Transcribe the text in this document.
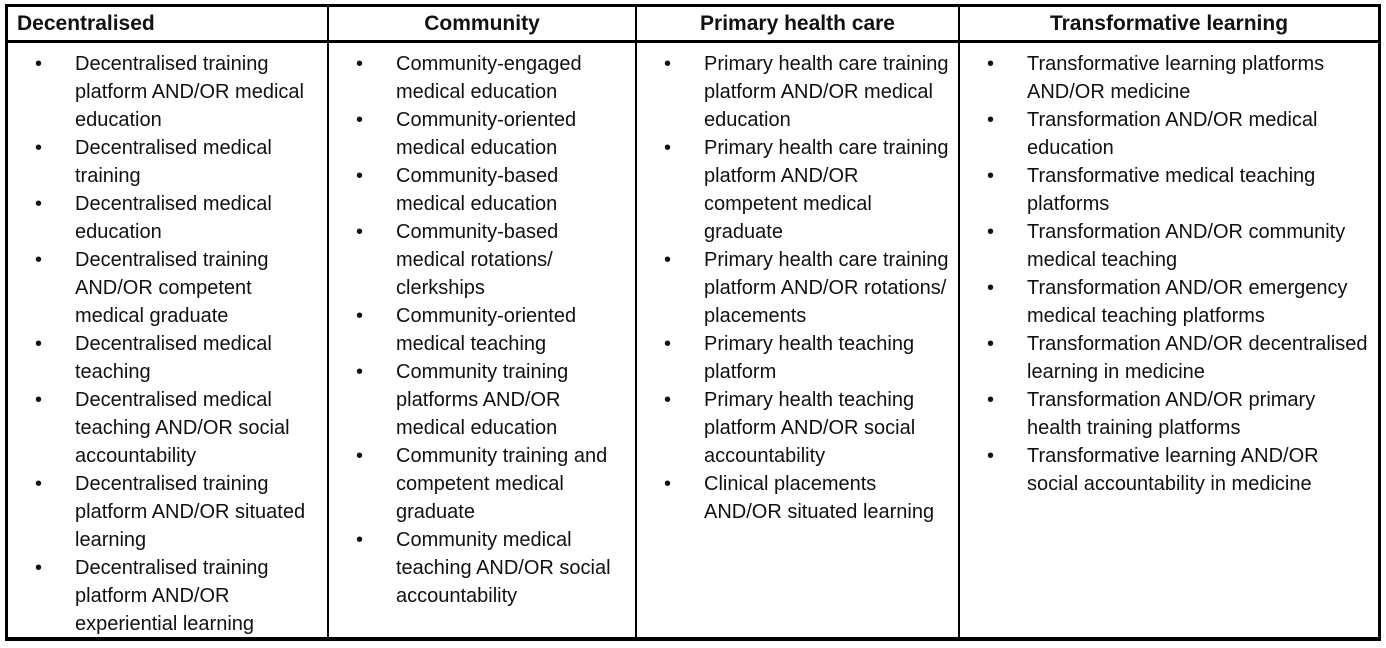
Decentralised
•	Decentralised training platform AND/OR medical education
•	Decentralised medical training
•	Decentralised medical education
•	Decentralised training AND/OR competent medical graduate
•	Decentralised medical teaching
•	Decentralised medical teaching AND/OR social accountability
•	Decentralised training platform AND/OR situated learning
•	Decentralised training platform AND/OR experiential learning
Community
•	Community-engaged medical education
•	Community-oriented medical education
•	Community-based medical education
•	Community-based medical rotations/ clerkships
•	Community-oriented medical teaching
•	Community training platforms AND/OR medical education
•	Community training and competent medical graduate
•	Community medical teaching AND/OR social accountability
Primary health care
•	Primary health care training platform AND/OR medical education
•	Primary health care training platform AND/OR competent medical graduate
•	Primary health care training platform AND/OR rotations/ placements
•	Primary health teaching platform
•	Primary health teaching platform AND/OR social accountability
•	Clinical placements AND/OR situated learning
Transformative learning
•	Transformative learning platforms AND/OR medicine
•	Transformation AND/OR medical education
•	Transformative medical teaching platforms
•	Transformation AND/OR community medical teaching
•	Transformation AND/OR emergency medical teaching platforms
•	Transformation AND/OR decentralised learning in medicine
•	Transformation AND/OR primary health training platforms
•	Transformative learning AND/OR social accountability in medicine
